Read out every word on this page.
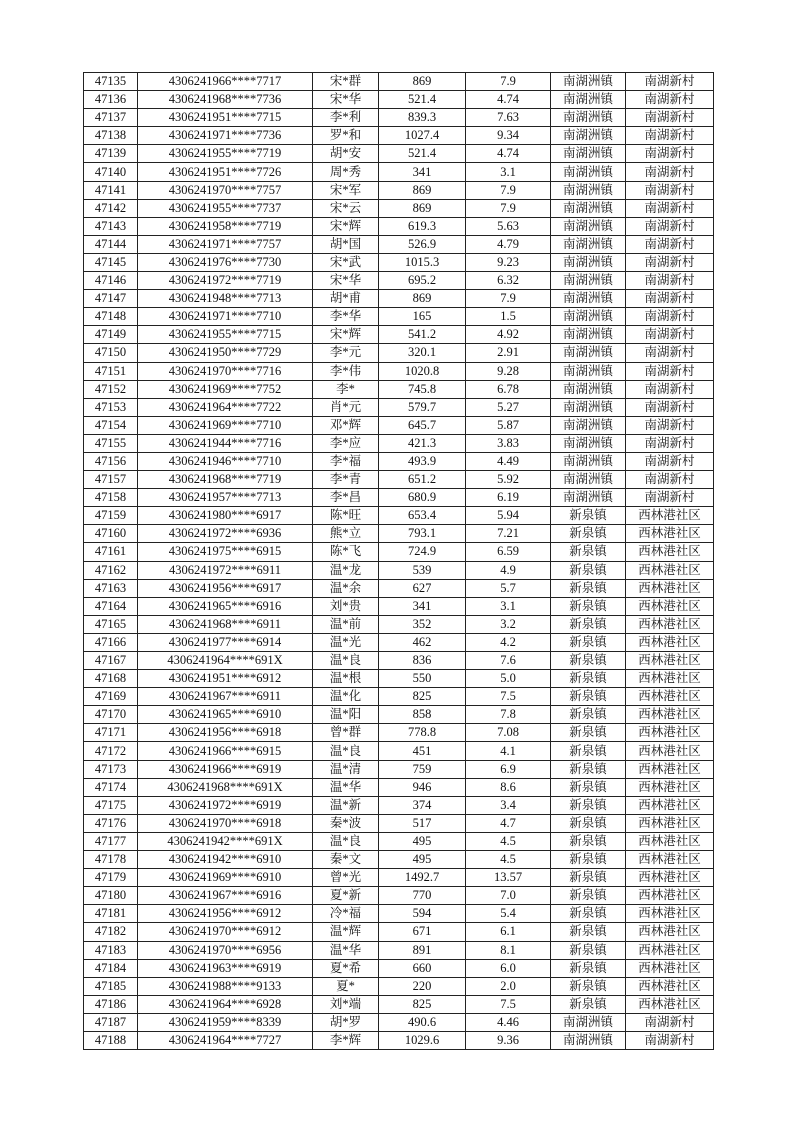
47135	4306241966****7717	宋*群	869	7.9	南湖洲镇	南湖新村
47136	4306241968****7736	宋*华	521.4	4.74	南湖洲镇	南湖新村
47137	4306241951****7715	李*利	839.3	7.63	南湖洲镇	南湖新村
47138	4306241971****7736	罗*和	1027.4	9.34	南湖洲镇	南湖新村
47139	4306241955****7719	胡*安	521.4	4.74	南湖洲镇	南湖新村
47140	4306241951****7726	周*秀	341	3.1	南湖洲镇	南湖新村
47141	4306241970****7757	宋*军	869	7.9	南湖洲镇	南湖新村
47142	4306241955****7737	宋*云	869	7.9	南湖洲镇	南湖新村
47143	4306241958****7719	宋*辉	619.3	5.63	南湖洲镇	南湖新村
47144	4306241971****7757	胡*国	526.9	4.79	南湖洲镇	南湖新村
47145	4306241976****7730	宋*武	1015.3	9.23	南湖洲镇	南湖新村
47146	4306241972****7719	宋*华	695.2	6.32	南湖洲镇	南湖新村
47147	4306241948****7713	胡*甫	869	7.9	南湖洲镇	南湖新村
47148	4306241971****7710	李*华	165	1.5	南湖洲镇	南湖新村
47149	4306241955****7715	宋*辉	541.2	4.92	南湖洲镇	南湖新村
47150	4306241950****7729	李*元	320.1	2.91	南湖洲镇	南湖新村
47151	4306241970****7716	李*伟	1020.8	9.28	南湖洲镇	南湖新村
47152	4306241969****7752	李*	745.8	6.78	南湖洲镇	南湖新村
47153	4306241964****7722	肖*元	579.7	5.27	南湖洲镇	南湖新村
47154	4306241969****7710	邓*辉	645.7	5.87	南湖洲镇	南湖新村
47155	4306241944****7716	李*应	421.3	3.83	南湖洲镇	南湖新村
47156	4306241946****7710	李*福	493.9	4.49	南湖洲镇	南湖新村
47157	4306241968****7719	李*青	651.2	5.92	南湖洲镇	南湖新村
47158	4306241957****7713	李*昌	680.9	6.19	南湖洲镇	南湖新村
47159	4306241980****6917	陈*旺	653.4	5.94	新泉镇	西林港社区
47160	4306241972****6936	熊*立	793.1	7.21	新泉镇	西林港社区
47161	4306241975****6915	陈*飞	724.9	6.59	新泉镇	西林港社区
47162	4306241972****6911	温*龙	539	4.9	新泉镇	西林港社区
47163	4306241956****6917	温*余	627	5.7	新泉镇	西林港社区
47164	4306241965****6916	刘*贵	341	3.1	新泉镇	西林港社区
47165	4306241968****6911	温*前	352	3.2	新泉镇	西林港社区
47166	4306241977****6914	温*光	462	4.2	新泉镇	西林港社区
47167	4306241964****691X	温*良	836	7.6	新泉镇	西林港社区
47168	4306241951****6912	温*根	550	5.0	新泉镇	西林港社区
47169	4306241967****6911	温*化	825	7.5	新泉镇	西林港社区
47170	4306241965****6910	温*阳	858	7.8	新泉镇	西林港社区
47171	4306241956****6918	曾*群	778.8	7.08	新泉镇	西林港社区
47172	4306241966****6915	温*良	451	4.1	新泉镇	西林港社区
47173	4306241966****6919	温*清	759	6.9	新泉镇	西林港社区
47174	4306241968****691X	温*华	946	8.6	新泉镇	西林港社区
47175	4306241972****6919	温*新	374	3.4	新泉镇	西林港社区
47176	4306241970****6918	秦*波	517	4.7	新泉镇	西林港社区
47177	4306241942****691X	温*良	495	4.5	新泉镇	西林港社区
47178	4306241942****6910	秦*文	495	4.5	新泉镇	西林港社区
47179	4306241969****6910	曾*光	1492.7	13.57	新泉镇	西林港社区
47180	4306241967****6916	夏*新	770	7.0	新泉镇	西林港社区
47181	4306241956****6912	冷*福	594	5.4	新泉镇	西林港社区
47182	4306241970****6912	温*辉	671	6.1	新泉镇	西林港社区
47183	4306241970****6956	温*华	891	8.1	新泉镇	西林港社区
47184	4306241963****6919	夏*希	660	6.0	新泉镇	西林港社区
47185	4306241988****9133	夏*	220	2.0	新泉镇	西林港社区
47186	4306241964****6928	刘*端	825	7.5	新泉镇	西林港社区
47187	4306241959****8339	胡*罗	490.6	4.46	南湖洲镇	南湖新村
47188	4306241964****7727	李*辉	1029.6	9.36	南湖洲镇	南湖新村
